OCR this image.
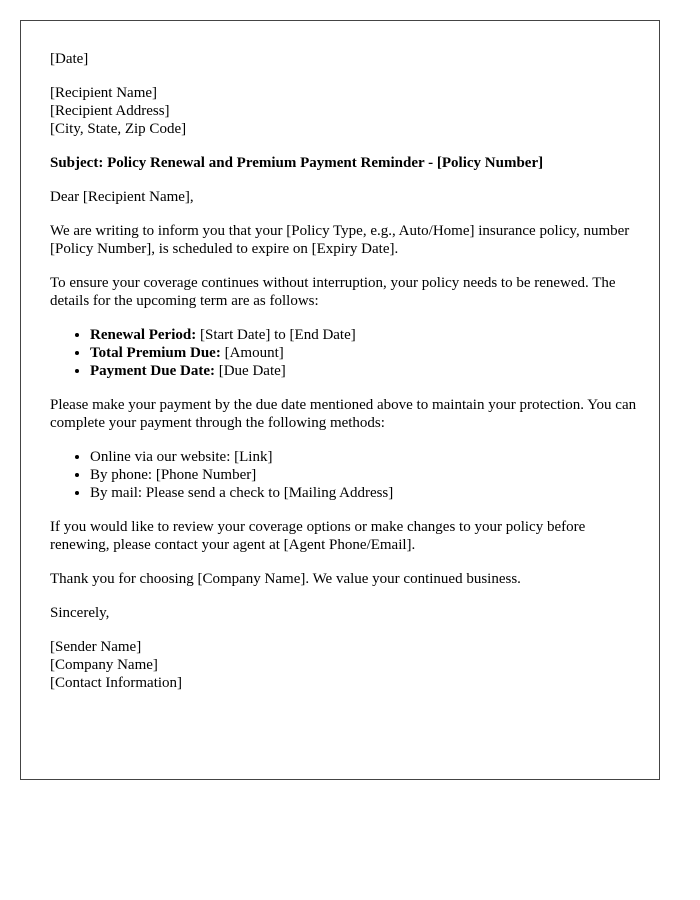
[Date]

[Recipient Name]

[Recipient Address]

[City, State, Zip Code]

Subject: Policy Renewal and Premium Payment Reminder - [Policy Number]

Dear [Recipient Name],

We are writing to inform you that your [Policy Type, e.g., Auto/Home] insurance policy, number [Policy Number], is scheduled to expire on [Expiry Date].

To ensure your coverage continues without interruption, your policy needs to be renewed. The details for the upcoming term are as follows:

• Renewal Period: [Start Date] to [End Date]
• Total Premium Due: [Amount]
• Payment Due Date: [Due Date]

Please make your payment by the due date mentioned above to maintain your protection. You can complete your payment through the following methods:

• Online via our website: [Link]
• By phone: [Phone Number]
• By mail: Please send a check to [Mailing Address]

If you would like to review your coverage options or make changes to your policy before renewing, please contact your agent at [Agent Phone/Email].

Thank you for choosing [Company Name]. We value your continued business.

Sincerely,

[Sender Name]

[Company Name]

[Contact Information]
